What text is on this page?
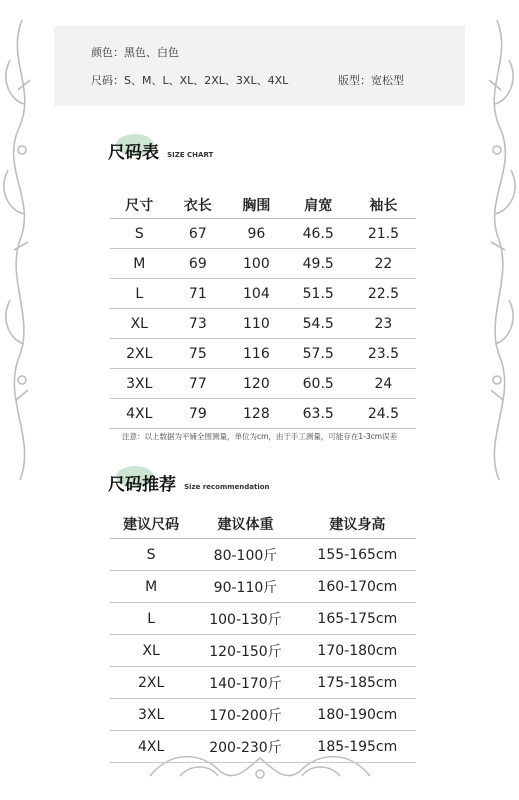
颜色：黑色、白色
尺码：S、M、L、XL、2XL、3XL、4XL	版型：宽松型
尺码表 SIZE CHART
尺寸	衣长	胸围	肩宽	袖长
S	67	96	46.5	21.5
M	69	100	49.5	22
L	71	104	51.5	22.5
XL	73	110	54.5	23
2XL	75	116	57.5	23.5
3XL	77	120	60.5	24
4XL	79	128	63.5	24.5
注意：以上数据为平铺全围测量，单位为cm，由于手工测量，可能存在1-3cm误差
尺码推荐 Size recommendation
建议尺码	建议体重	建议身高
S	80-100斤	155-165cm
M	90-110斤	160-170cm
L	100-130斤	165-175cm
XL	120-150斤	170-180cm
2XL	140-170斤	175-185cm
3XL	170-200斤	180-190cm
4XL	200-230斤	185-195cm
